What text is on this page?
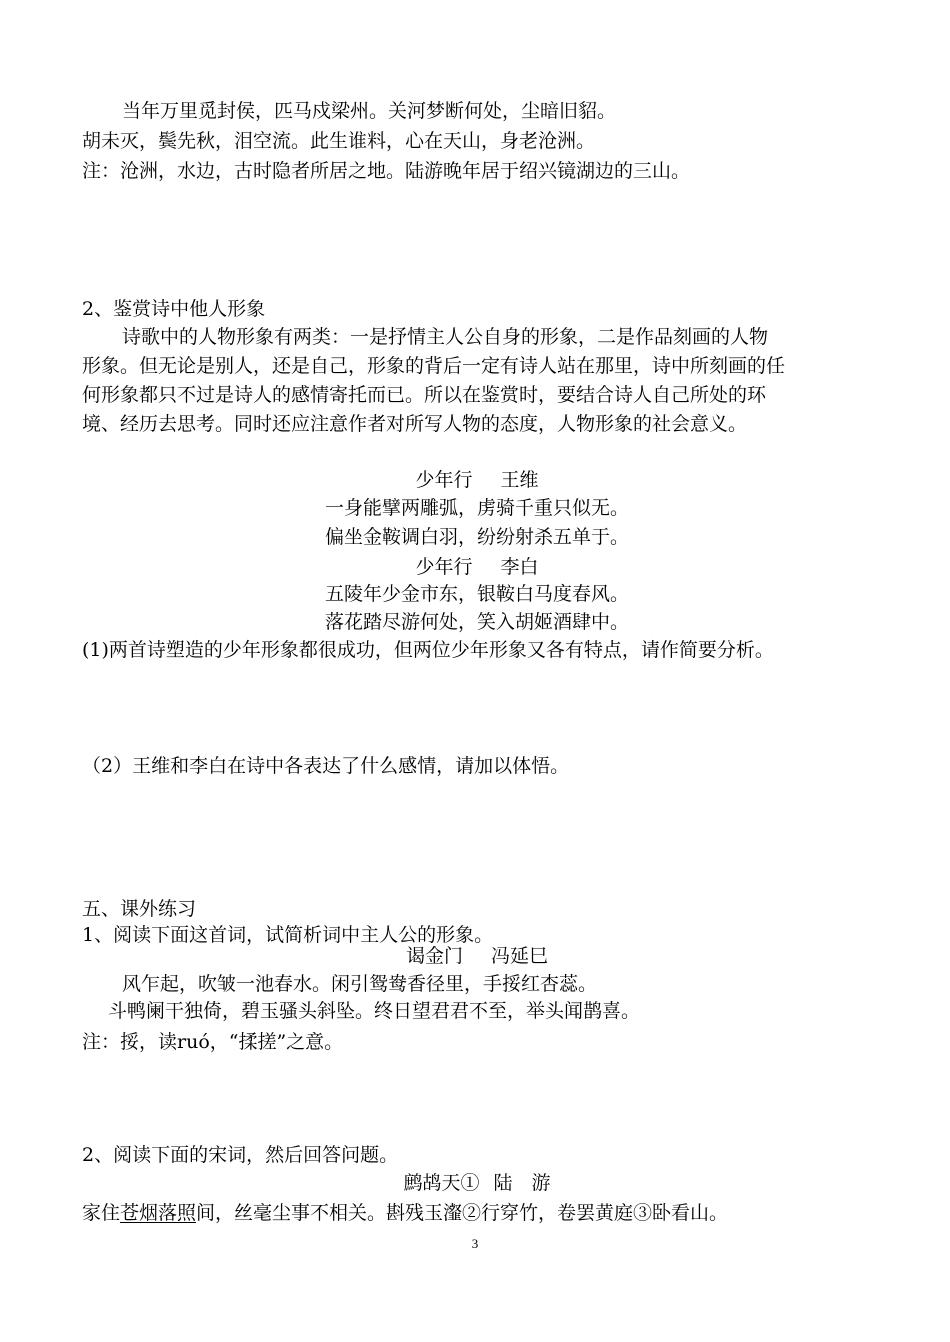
当年万里觅封侯，匹马戍梁州。关河梦断何处，尘暗旧貂。
胡未灭，鬓先秋，泪空流。此生谁料，心在天山，身老沧洲。
注：沧洲，水边，古时隐者所居之地。陆游晚年居于绍兴镜湖边的三山。
2、鉴赏诗中他人形象
诗歌中的人物形象有两类：一是抒情主人公自身的形象，二是作品刻画的人物
形象。但无论是别人，还是自己，形象的背后一定有诗人站在那里，诗中所刻画的任
何形象都只不过是诗人的感情寄托而已。所以在鉴赏时，要结合诗人自己所处的环
境、经历去思考。同时还应注意作者对所写人物的态度，人物形象的社会意义。
少年行 王维
一身能擘两雕弧，虏骑千重只似无。
偏坐金鞍调白羽，纷纷射杀五单于。
少年行 李白
五陵年少金市东，银鞍白马度春风。
落花踏尽游何处，笑入胡姬酒肆中。
(1)两首诗塑造的少年形象都很成功，但两位少年形象又各有特点，请作简要分析。
（2）王维和李白在诗中各表达了什么感情，请加以体悟。
五、课外练习
1、阅读下面这首词，试简析词中主人公的形象。
谒金门 冯延巳
风乍起，吹皱一池春水。闲引鸳鸯香径里，手挼红杏蕊。
斗鸭阑干独倚，碧玉骚头斜坠。终日望君君不至，举头闻鹊喜。
注：挼，读ruó，“揉搓”之意。
2、阅读下面的宋词，然后回答问题。
鹧鸪天① 陆　游
家住苍烟落照间，丝毫尘事不相关。斟残玉瀣②行穿竹，卷罢黄庭③卧看山。
3
